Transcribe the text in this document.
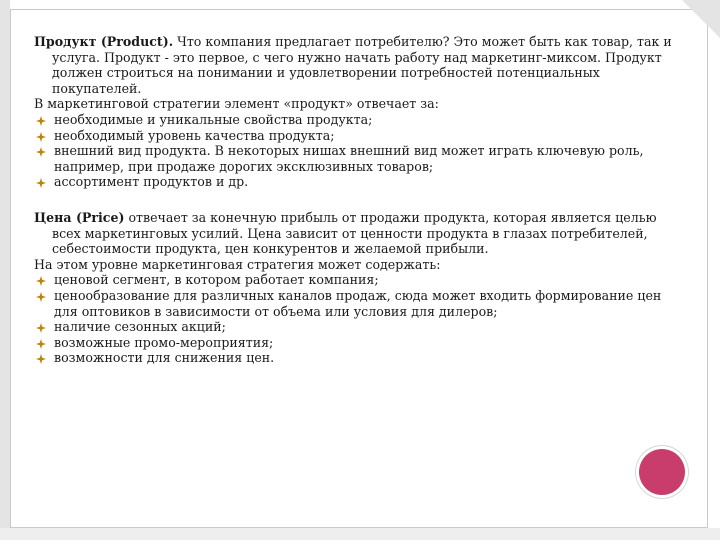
Продукт (Product). Что компания предлагает потребителю? Это может быть как товар, так и услуга. Продукт - это первое, с чего нужно начать работу над маркетинг-миксом. Продукт должен строиться на понимании и удовлетворении потребностей потенциальных покупателей.

В маркетинговой стратегии элемент «продукт» отвечает за:

необходимые и уникальные свойства продукта;
необходимый уровень качества продукта;
внешний вид продукта. В некоторых нишах внешний вид может играть ключевую роль, например, при продаже дорогих эксклюзивных товаров;
ассортимент продуктов и др.

Цена (Price) отвечает за конечную прибыль от продажи продукта, которая является целью всех маркетинговых усилий. Цена зависит от ценности продукта в глазах потребителей, себестоимости продукта, цен конкурентов и желаемой прибыли.

На этом уровне маркетинговая стратегия может содержать:

ценовой сегмент, в котором работает компания;
ценообразование для различных каналов продаж, сюда может входить формирование цен для оптовиков в зависимости от объема или условия для дилеров;
наличие сезонных акций;
возможные промо-мероприятия;
возможности для снижения цен.
